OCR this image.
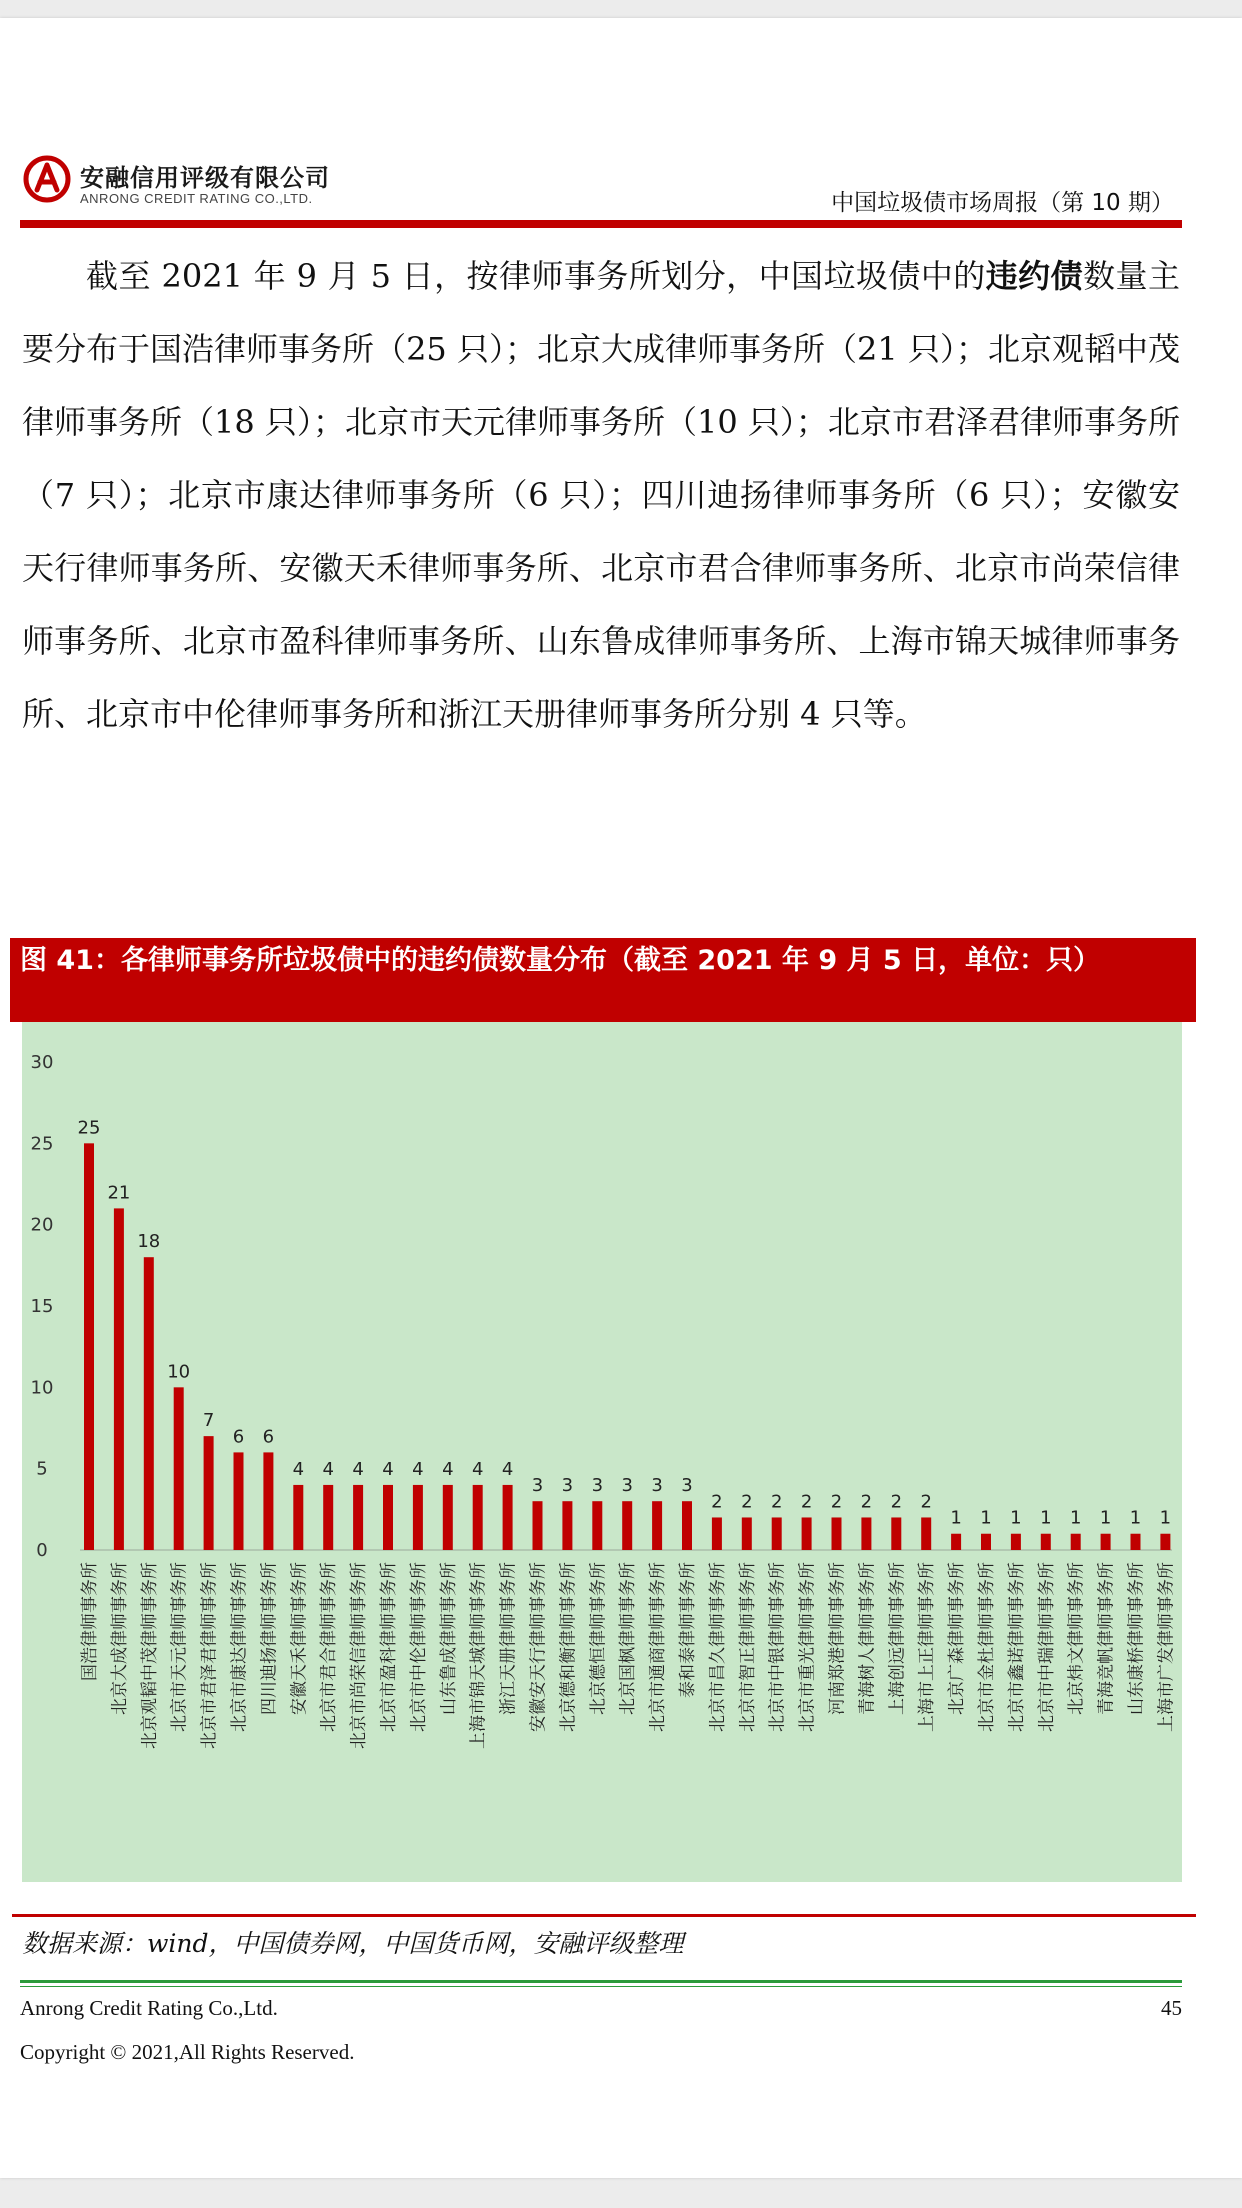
安融信用评级有限公司
ANRONG CREDIT RATING CO.,LTD.	中国垃圾债市场周报（第 10 期）
截至 2021 年 9 月 5 日，按律师事务所划分，中国垃圾债中的违约债数量主要分布于国浩律师事务所（25 只）；北京大成律师事务所（21 只）；北京观韬中茂律师事务所（18 只）；北京市天元律师事务所（10 只）；北京市君泽君律师事务所（7 只）；北京市康达律师事务所（6 只）；四川迪扬律师事务所（6 只）；安徽安天行律师事务所、安徽天禾律师事务所、北京市君合律师事务所、北京市尚荣信律师事务所、北京市盈科律师事务所、山东鲁成律师事务所、上海市锦天城律师事务所、北京市中伦律师事务所和浙江天册律师事务所分别 4 只等。
图 41：各律师事务所垃圾债中的违约债数量分布（截至 2021 年 9 月 5 日，单位：只）
0
5
10
15
20
25
30
25
国浩律师事务所
21
北京大成律师事务所
18
北京观韬中茂律师事务所
10
北京市天元律师事务所
7
北京市君泽君律师事务所
6
北京市康达律师事务所
6
四川迪扬律师事务所
4
安徽天禾律师事务所
4
北京市君合律师事务所
4
北京市尚荣信律师事务所
4
北京市盈科律师事务所
4
北京市中伦律师事务所
4
山东鲁成律师事务所
4
上海市锦天城律师事务所
4
浙江天册律师事务所
3
安徽安天行律师事务所
3
北京德和衡律师事务所
3
北京德恒律师事务所
3
北京国枫律师事务所
3
北京市通商律师事务所
3
泰和泰律师事务所
2
北京市昌久律师事务所
2
北京市智正律师事务所
2
北京市中银律师事务所
2
北京市重光律师事务所
2
河南郑港律师事务所
2
青海树人律师事务所
2
上海创远律师事务所
2
上海市上正律师事务所
1
北京广森律师事务所
1
北京市金杜律师事务所
1
北京市鑫诺律师事务所
1
北京市中瑞律师事务所
1
北京炜文律师事务所
1
青海竞帆律师事务所
1
山东康桥律师事务所
1
上海市广发律师事务所
数据来源：wind，中国债券网，中国货币网，安融评级整理
Anrong Credit Rating Co.,Ltd.	45
Copyright © 2021,All Rights Reserved.
